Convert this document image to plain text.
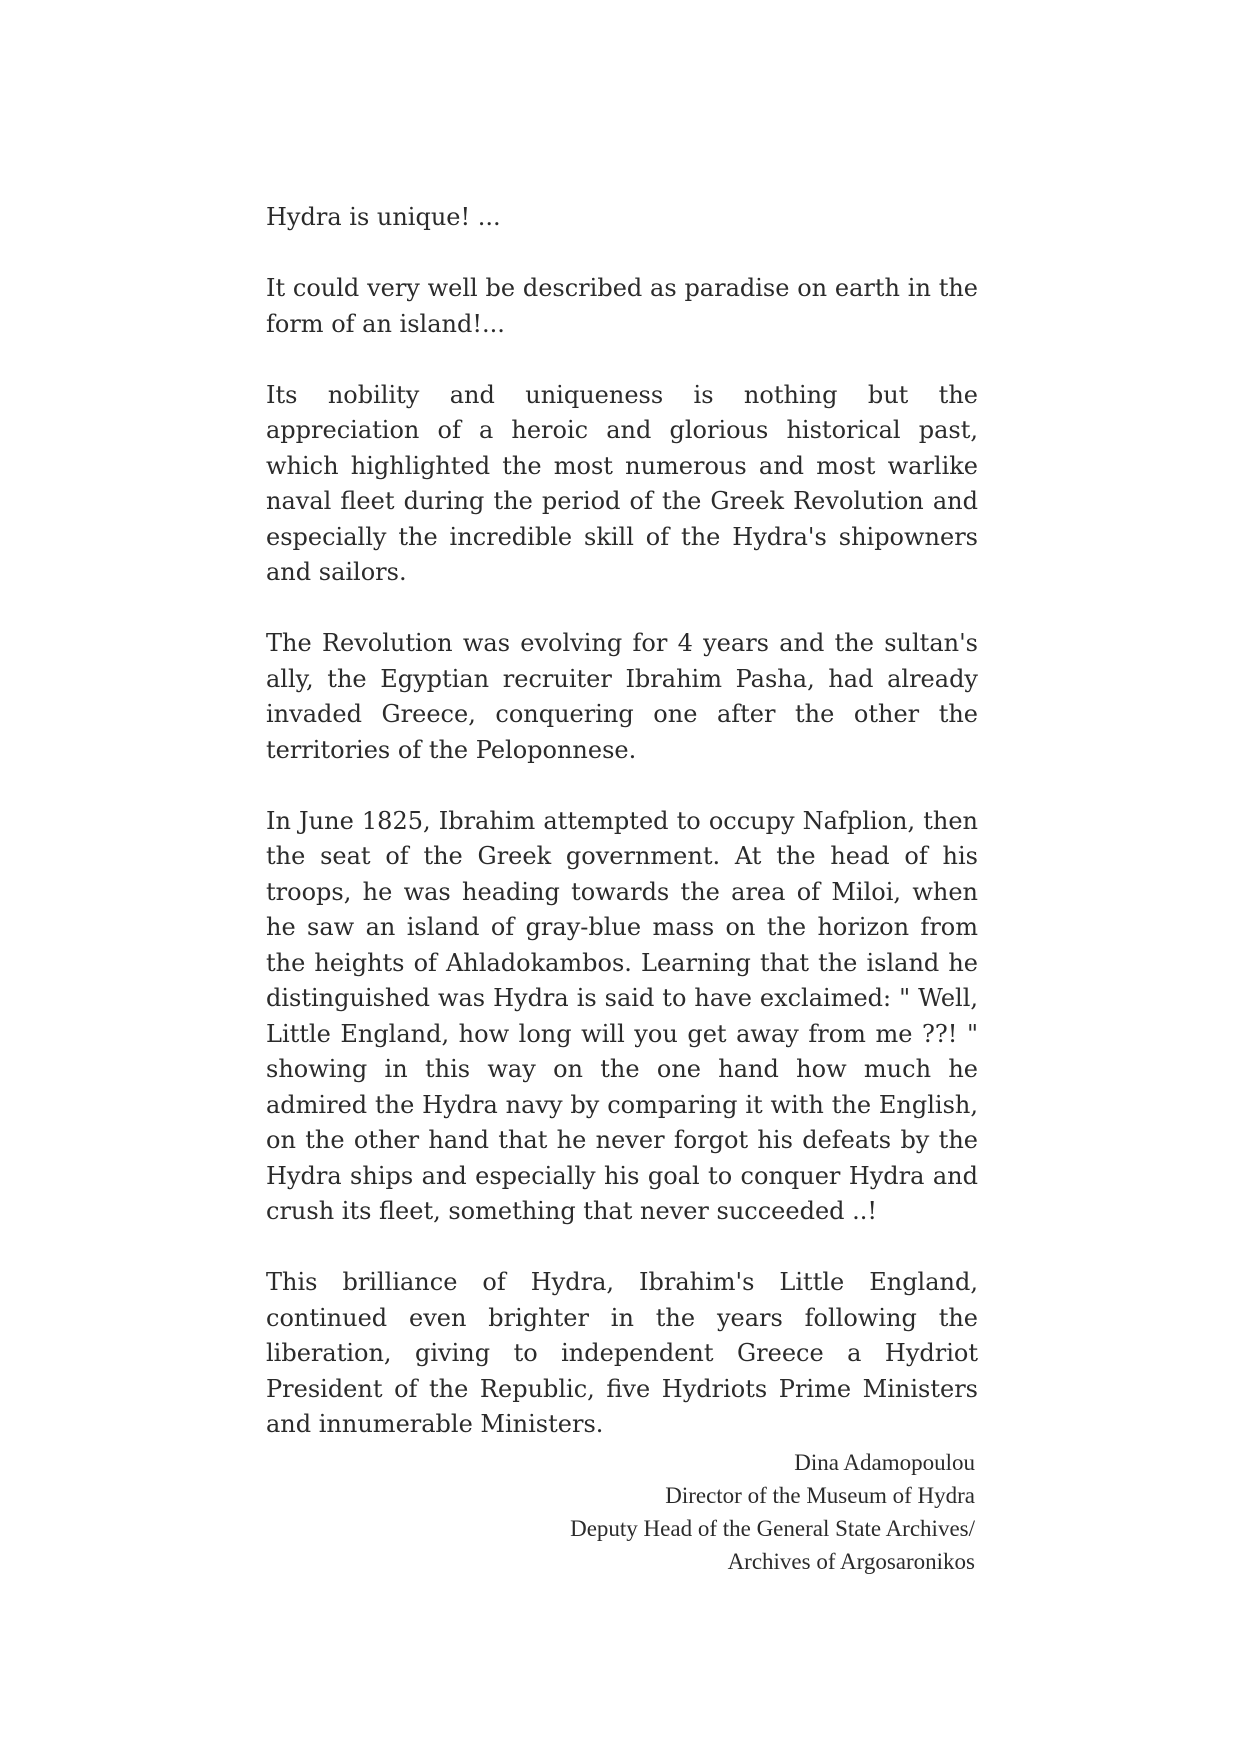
Hydra is unique! ...

It could very well be described as paradise on earth in the form of an island!...

Its nobility and uniqueness is nothing but the appreciation of a heroic and glorious historical past, which highlighted the most numerous and most warlike naval fleet during the period of the Greek Revolution and especially the incredible skill of the Hydra's shipowners and sailors.

The Revolution was evolving for 4 years and the sultan's ally, the Egyptian recruiter Ibrahim Pasha, had already invaded Greece, conquering one after the other the territories of the Peloponnese.

In June 1825, Ibrahim attempted to occupy Nafplion, then the seat of the Greek government. At the head of his troops, he was heading towards the area of Miloi, when he saw an island of gray-blue mass on the horizon from the heights of Ahladokambos. Learning that the island he distinguished was Hydra is said to have exclaimed: " Well, Little England, how long will you get away from me ??! " showing in this way on the one hand how much he admired the Hydra navy by comparing it with the English, on the other hand that he never forgot his defeats by the Hydra ships and especially his goal to conquer Hydra and crush its fleet, something that never succeeded ..!

This brilliance of Hydra, Ibrahim's Little England, continued even brighter in the years following the liberation, giving to independent Greece a Hydriot President of the Republic, five Hydriots Prime Ministers and innumerable Ministers.

Dina Adamopoulou
Director of the Museum of Hydra
Deputy Head of the General State Archives/
Archives of Argosaronikos
